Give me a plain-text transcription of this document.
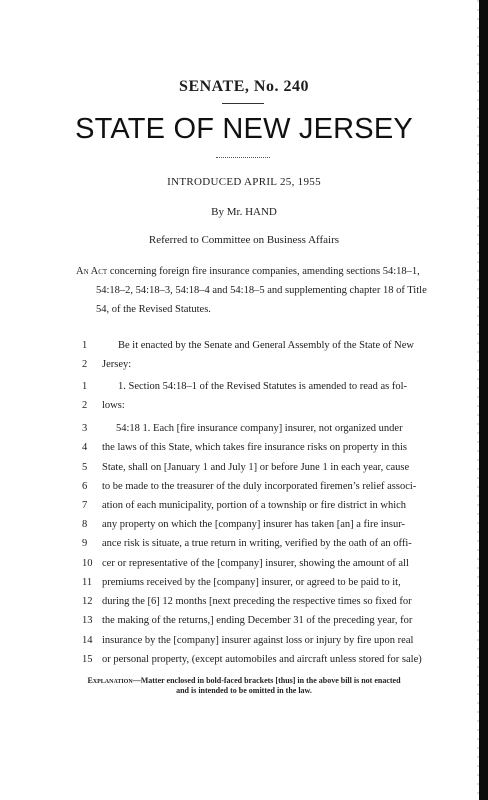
SENATE, No. 240
STATE OF NEW JERSEY
INTRODUCED APRIL 25, 1955
By Mr. HAND
Referred to Committee on Business Affairs
An Act concerning foreign fire insurance companies, amending sections 54:18–1,
54:18–2, 54:18–3, 54:18–4 and 54:18–5 and supplementing chapter 18 of Title
54, of the Revised Statutes.
1	Be it enacted by the Senate and General Assembly of the State of New
2	Jersey:
1	1. Section 54:18–1 of the Revised Statutes is amended to read as fol-
2	lows:
3	54:18 1. Each [fire insurance company] insurer, not organized under
4	the laws of this State, which takes fire insurance risks on property in this
5	State, shall on [January 1 and July 1] or before June 1 in each year, cause
6	to be made to the treasurer of the duly incorporated firemen’s relief associ-
7	ation of each municipality, portion of a township or fire district in which
8	any property on which the [company] insurer has taken [an] a fire insur-
9	ance risk is situate, a true return in writing, verified by the oath of an offi-
10 cer or representative of the [company] insurer, showing the amount of all
11 premiums received by the [company] insurer, or agreed to be paid to it,
12 during the [6] 12 months [next preceding the respective times so fixed for
13 the making of the returns,] ending December 31 of the preceding year, for
14 insurance by the [company] insurer against loss or injury by fire upon real
15 or personal property, (except automobiles and aircraft unless stored for sale)
Explanation—Matter enclosed in bold-faced brackets [thus] in the above bill is not enacted
and is intended to be omitted in the law.
